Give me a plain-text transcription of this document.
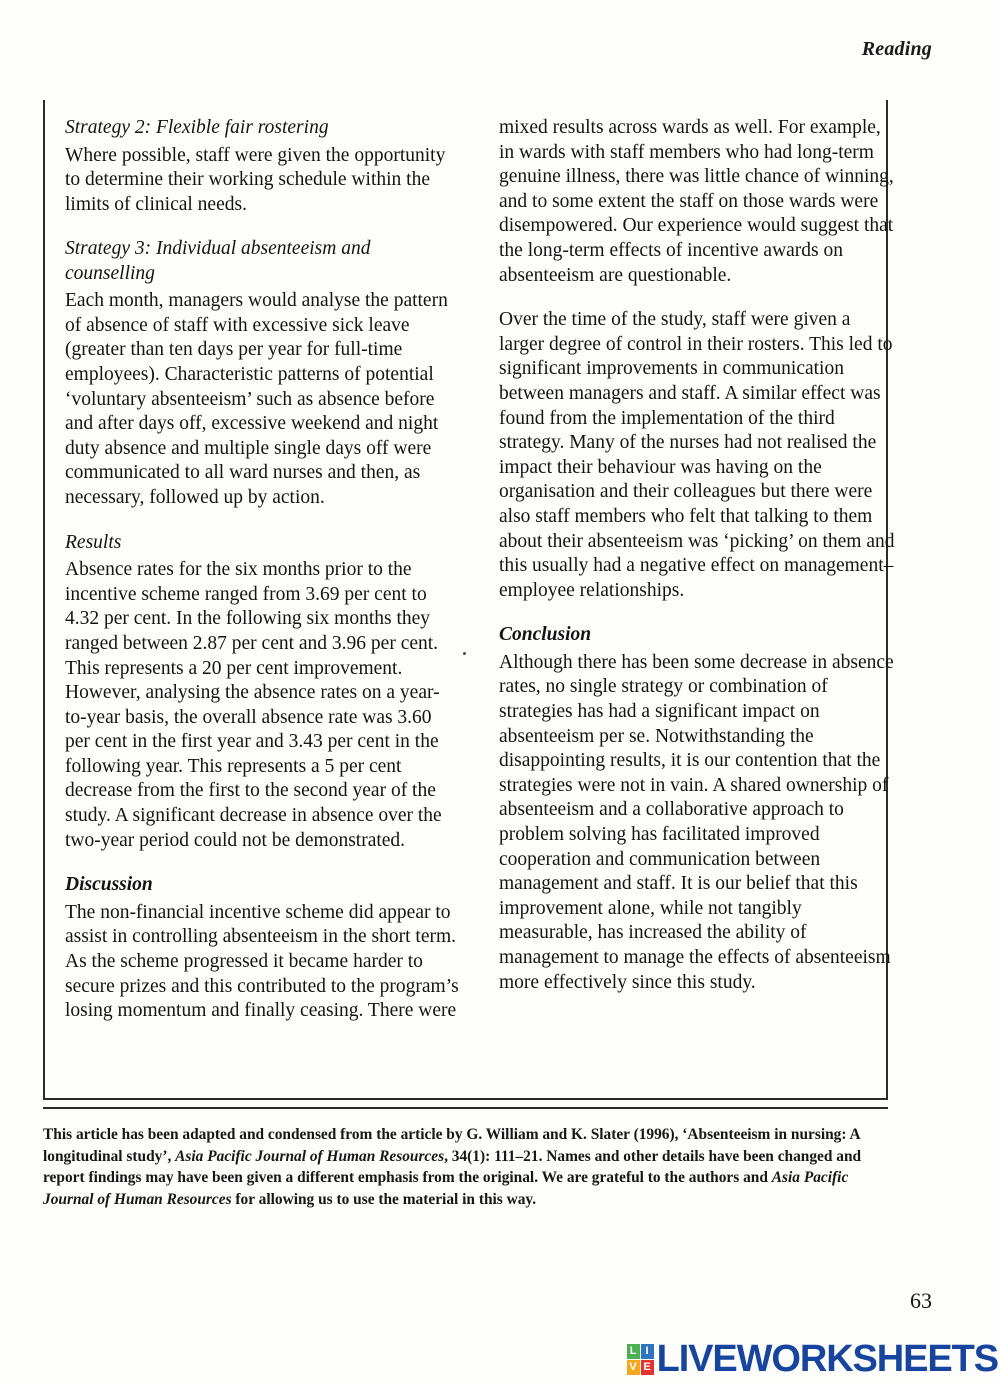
Reading
Strategy 2: Flexible fair rostering

Where possible, staff were given the opportunity to determine their working schedule within the limits of clinical needs.

Strategy 3: Individual absenteeism and counselling

Each month, managers would analyse the pattern of absence of staff with excessive sick leave (greater than ten days per year for full-time employees). Characteristic patterns of potential ‘voluntary absenteeism’ such as absence before and after days off, excessive weekend and night duty absence and multiple single days off were communicated to all ward nurses and then, as necessary, followed up by action.

Results

Absence rates for the six months prior to the incentive scheme ranged from 3.69 per cent to 4.32 per cent. In the following six months they ranged between 2.87 per cent and 3.96 per cent. This represents a 20 per cent improvement. However, analysing the absence rates on a year-to-year basis, the overall absence rate was 3.60 per cent in the first year and 3.43 per cent in the following year. This represents a 5 per cent decrease from the first to the second year of the study. A significant decrease in absence over the two-year period could not be demonstrated.

Discussion

The non-financial incentive scheme did appear to assist in controlling absenteeism in the short term. As the scheme progressed it became harder to secure prizes and this contributed to the program’s losing momentum and finally ceasing. There were

mixed results across wards as well. For example, in wards with staff members who had long-term genuine illness, there was little chance of winning, and to some extent the staff on those wards were disempowered. Our experience would suggest that the long-term effects of incentive awards on absenteeism are questionable.

Over the time of the study, staff were given a larger degree of control in their rosters. This led to significant improvements in communication between managers and staff. A similar effect was found from the implementation of the third strategy. Many of the nurses had not realised the impact their behaviour was having on the organisation and their colleagues but there were also staff members who felt that talking to them about their absenteeism was ‘picking’ on them and this usually had a negative effect on management–employee relationships.

Conclusion

Although there has been some decrease in absence rates, no single strategy or combination of strategies has had a significant impact on absenteeism per se. Notwithstanding the disappointing results, it is our contention that the strategies were not in vain. A shared ownership of absenteeism and a collaborative approach to problem solving has facilitated improved cooperation and communication between management and staff. It is our belief that this improvement alone, while not tangibly measurable, has increased the ability of management to manage the effects of absenteeism more effectively since this study.

This article has been adapted and condensed from the article by G. William and K. Slater (1996), ‘Absenteeism in nursing: A longitudinal study’, Asia Pacific Journal of Human Resources, 34(1): 111–21. Names and other details have been changed and report findings may have been given a different emphasis from the original. We are grateful to the authors and Asia Pacific Journal of Human Resources for allowing us to use the material in this way.
63
L I
V E LIVEWORKSHEETS
